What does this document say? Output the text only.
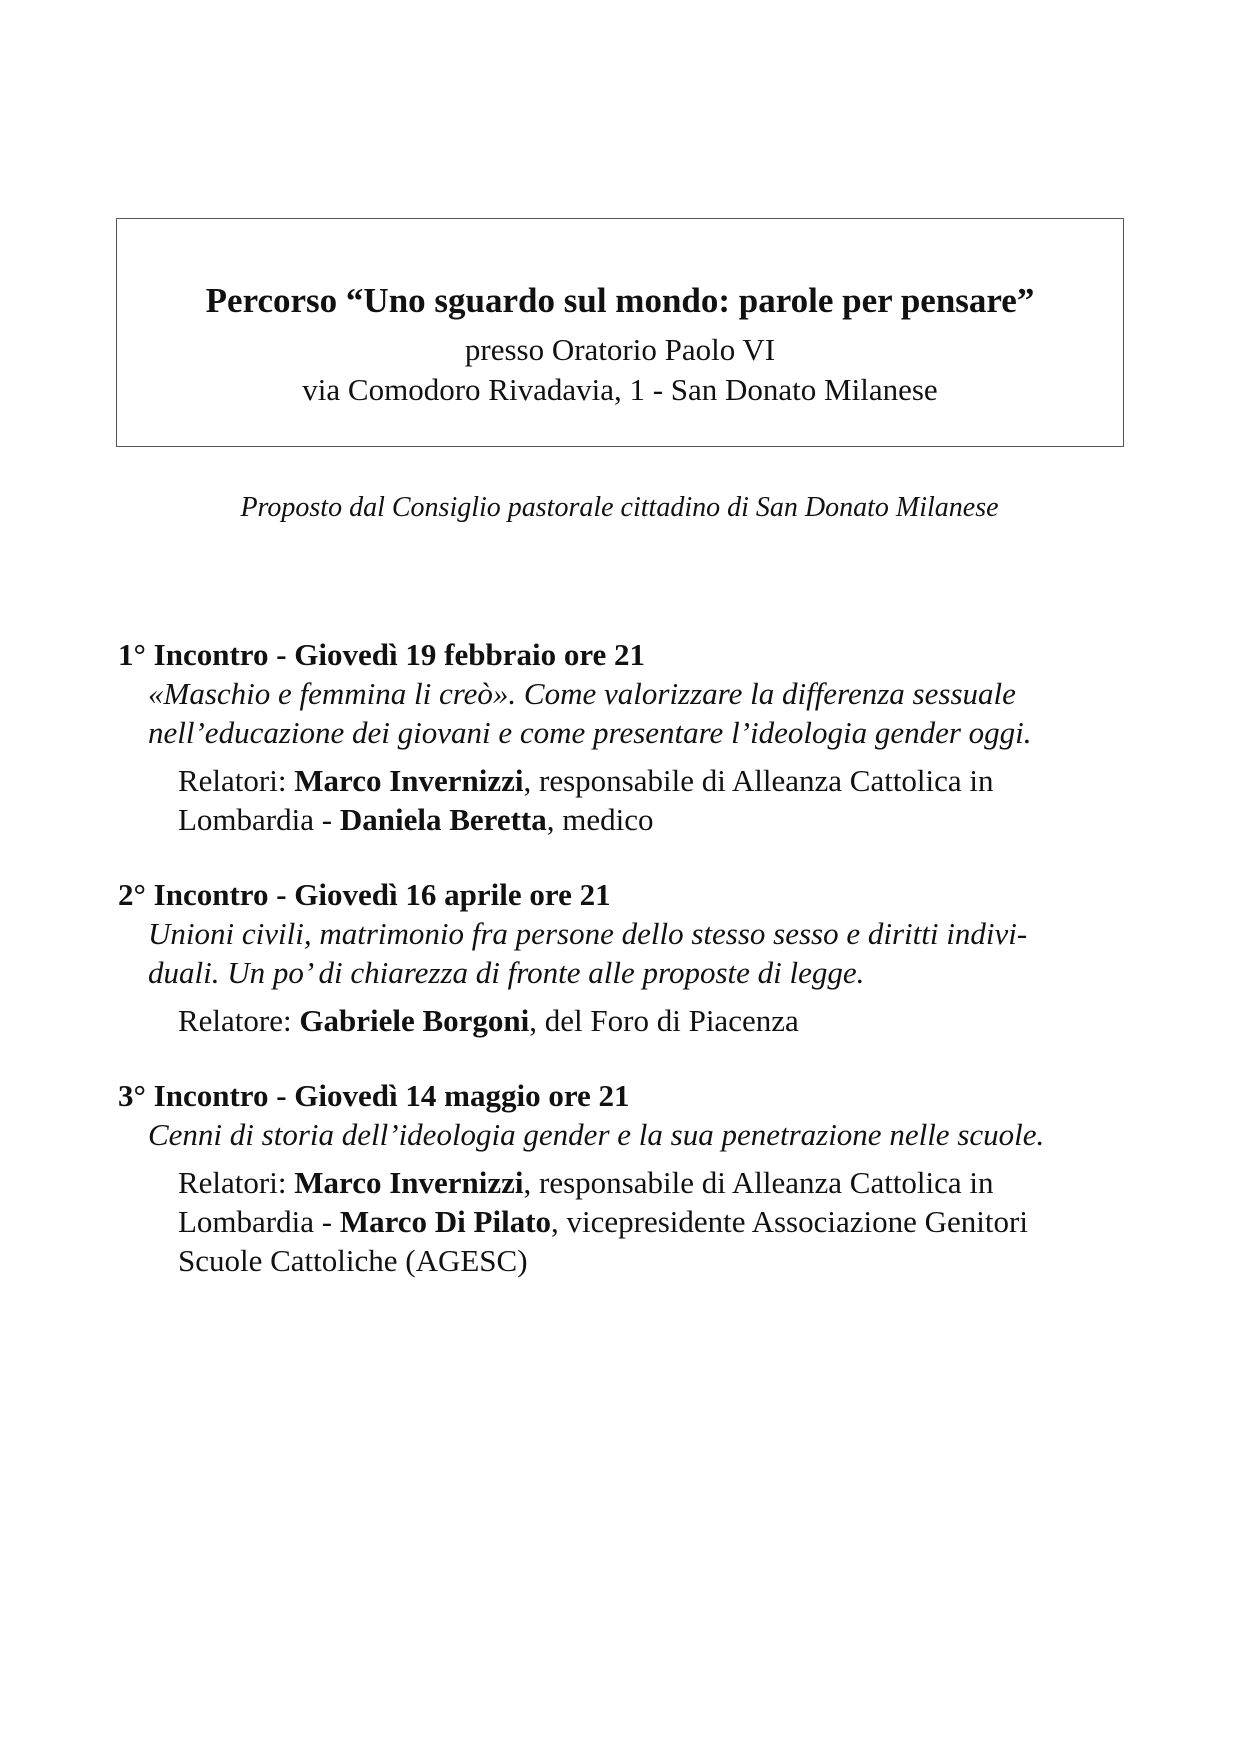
Percorso “Uno sguardo sul mondo: parole per pensare”
presso Oratorio Paolo VI
via Comodoro Rivadavia, 1 - San Donato Milanese
Proposto dal Consiglio pastorale cittadino di San Donato Milanese

1° Incontro - Giovedì 19 febbraio ore 21

«Maschio e femmina li creò». Come valorizzare la differenza sessuale
nell’educazione dei giovani e come presentare l’ideologia gender oggi.

Relatori: Marco Invernizzi, responsabile di Alleanza Cattolica in
Lombardia - Daniela Beretta, medico

2° Incontro - Giovedì 16 aprile ore 21

Unioni civili, matrimonio fra persone dello stesso sesso e diritti indivi-
duali. Un po’ di chiarezza di fronte alle proposte di legge.

Relatore: Gabriele Borgoni, del Foro di Piacenza

3° Incontro - Giovedì 14 maggio ore 21

Cenni di storia dell’ideologia gender e la sua penetrazione nelle scuole.

Relatori: Marco Invernizzi, responsabile di Alleanza Cattolica in
Lombardia - Marco Di Pilato, vicepresidente Associazione Genitori
Scuole Cattoliche (AGESC)
